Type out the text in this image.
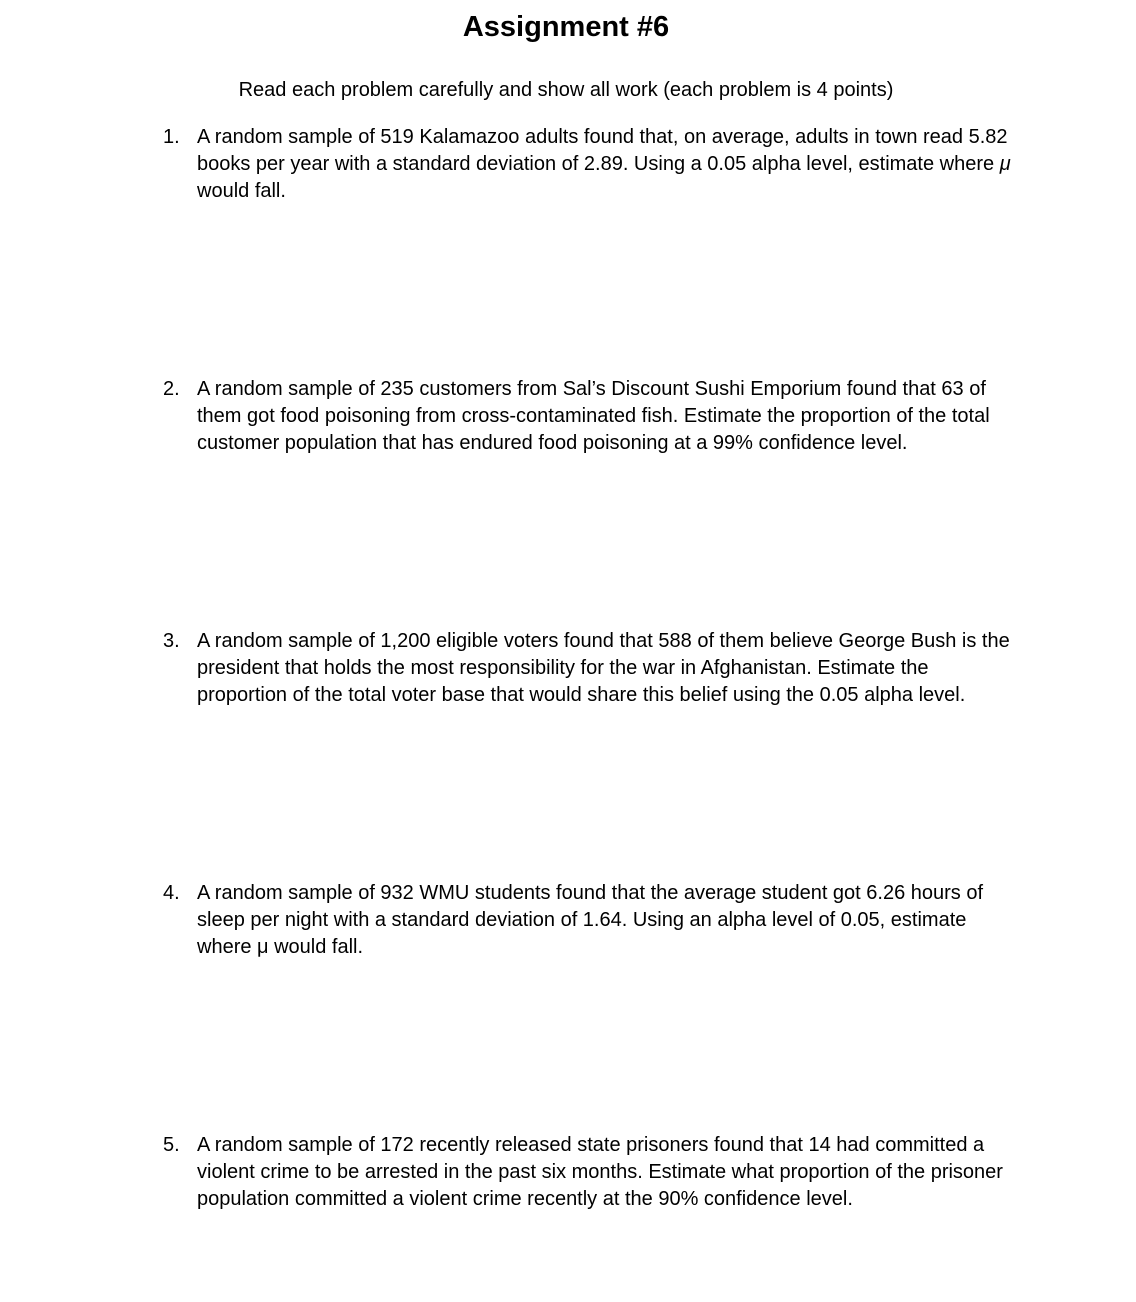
Assignment #6

Read each problem carefully and show all work (each problem is 4 points)

1. A random sample of 519 Kalamazoo adults found that, on average, adults in town read 5.82 books per year with a standard deviation of 2.89. Using a 0.05 alpha level, estimate where μ would fall.
2. A random sample of 235 customers from Sal’s Discount Sushi Emporium found that 63 of them got food poisoning from cross-contaminated fish. Estimate the proportion of the total customer population that has endured food poisoning at a 99% confidence level.
3. A random sample of 1,200 eligible voters found that 588 of them believe George Bush is the president that holds the most responsibility for the war in Afghanistan. Estimate the proportion of the total voter base that would share this belief using the 0.05 alpha level.
4. A random sample of 932 WMU students found that the average student got 6.26 hours of sleep per night with a standard deviation of 1.64. Using an alpha level of 0.05, estimate where μ would fall.
5. A random sample of 172 recently released state prisoners found that 14 had committed a violent crime to be arrested in the past six months. Estimate what proportion of the prisoner population committed a violent crime recently at the 90% confidence level.
